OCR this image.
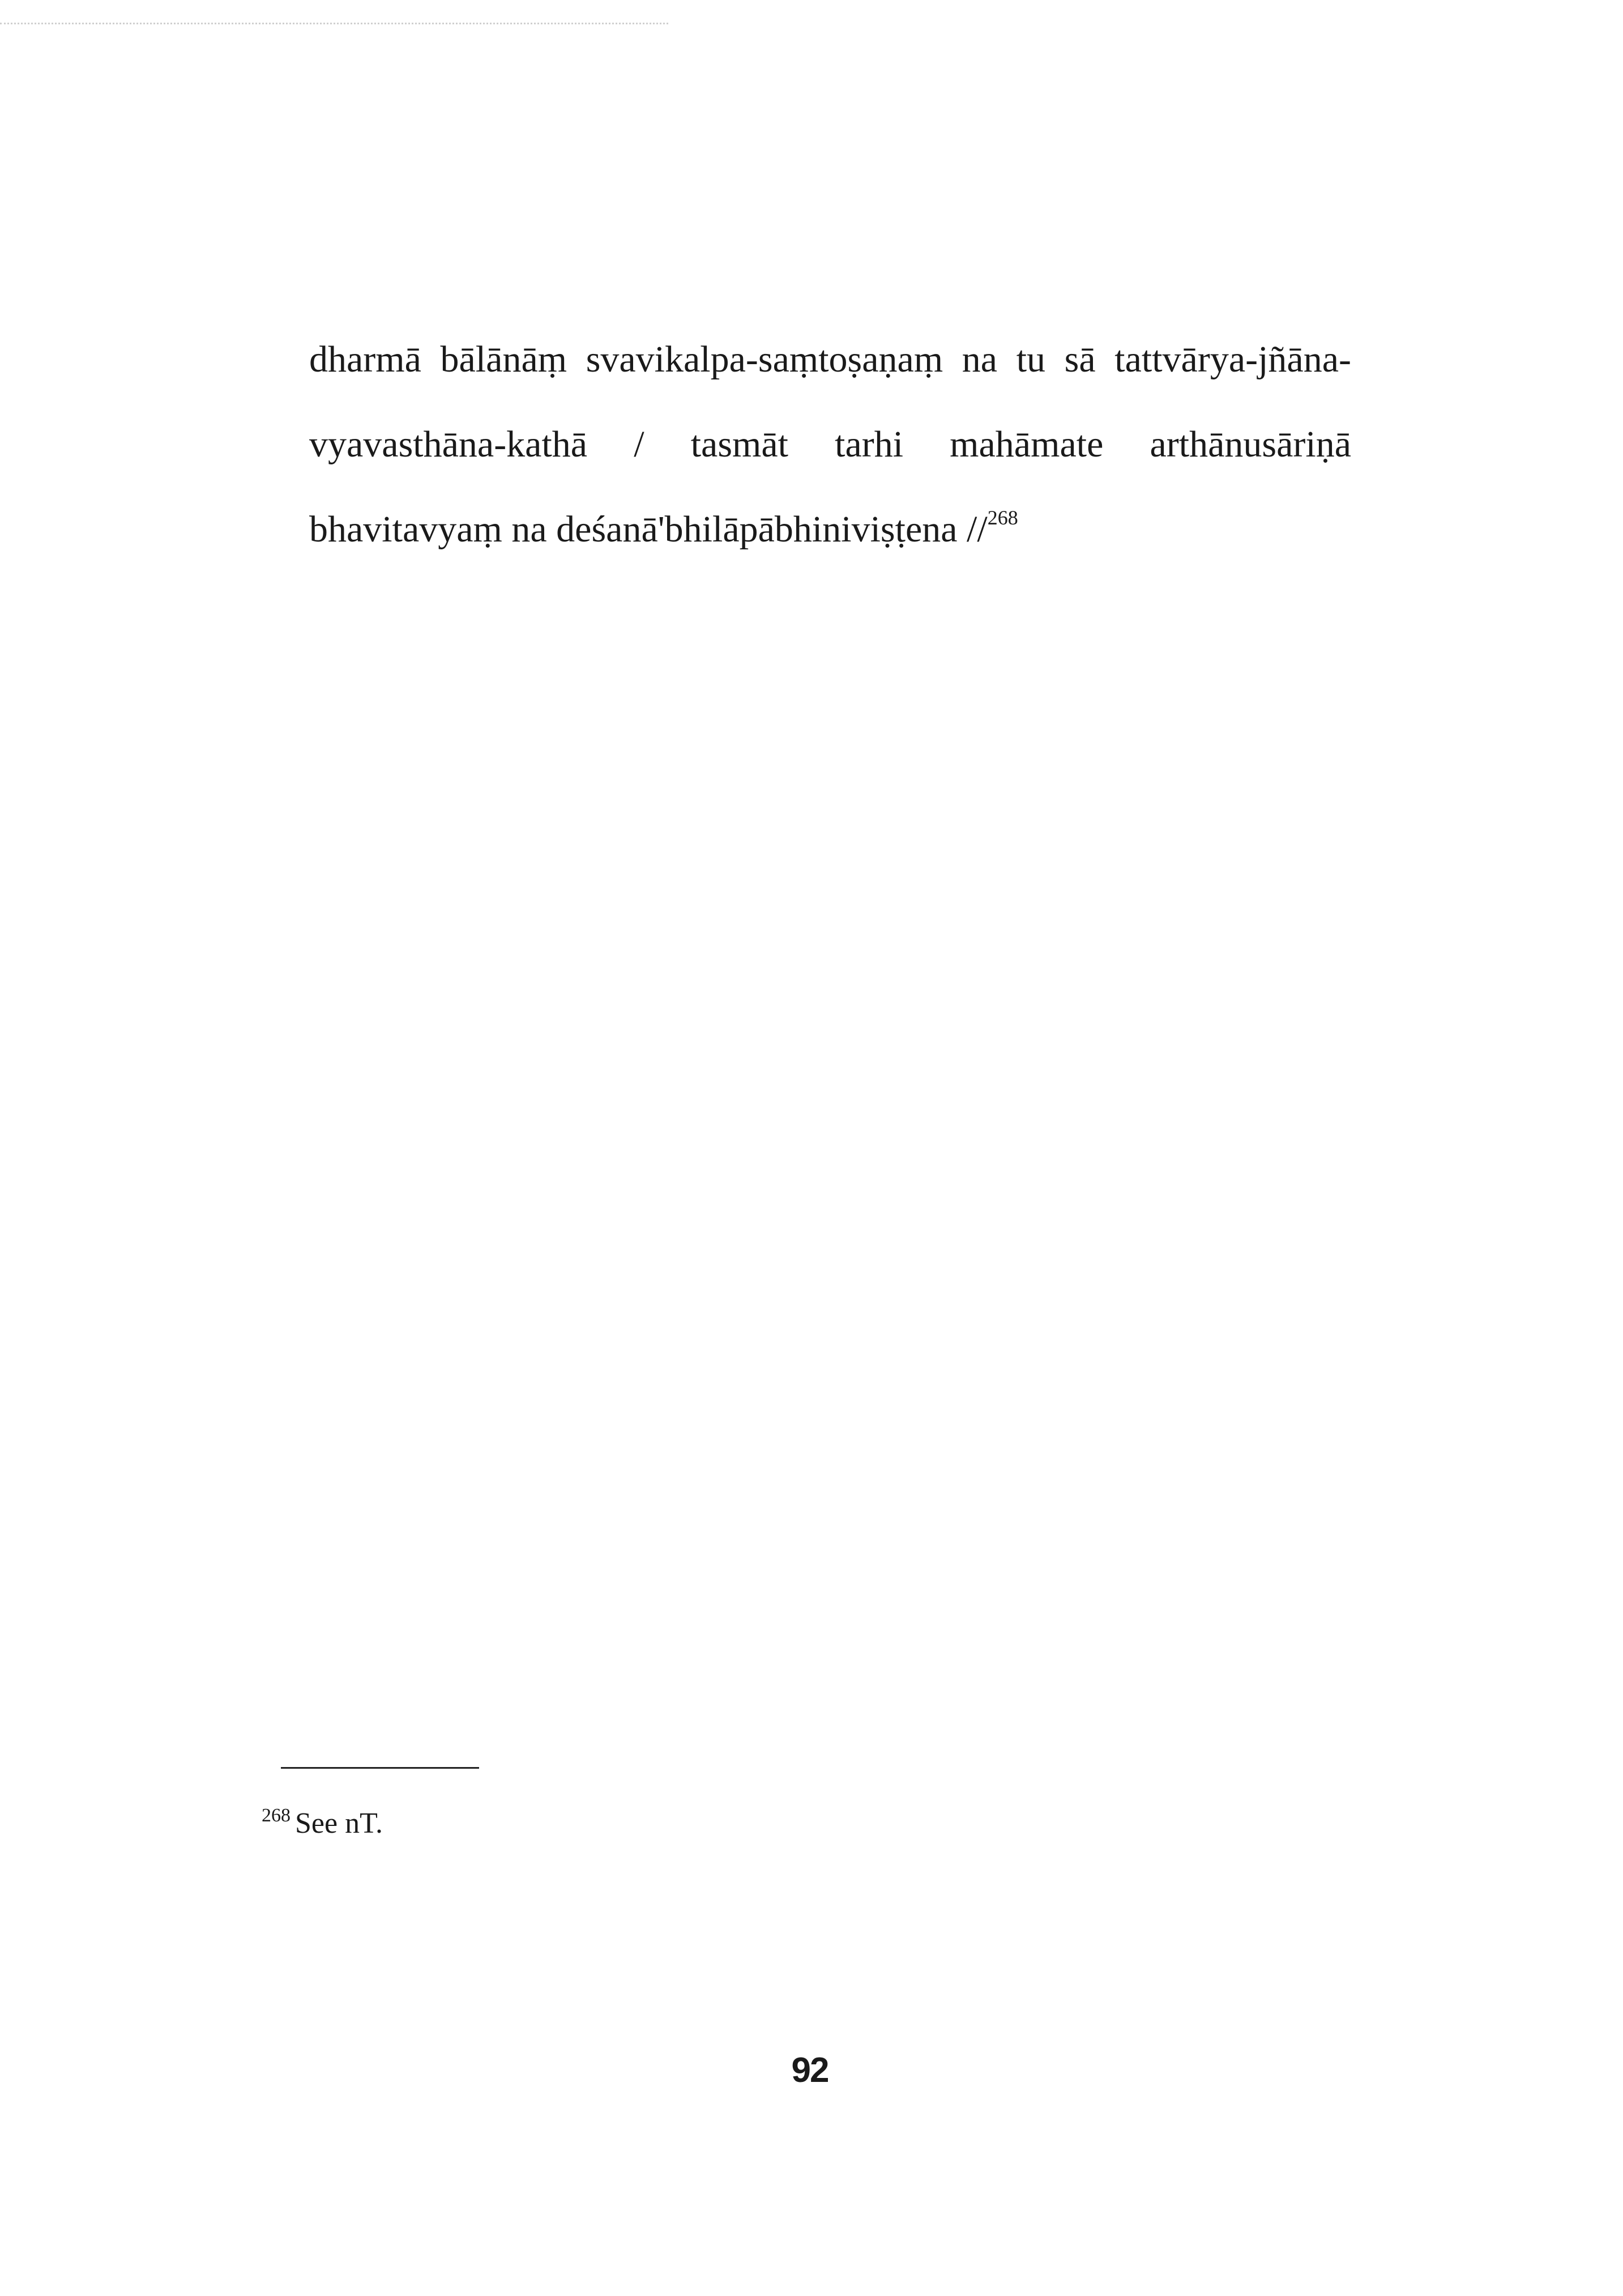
dharmā bālānāṃ svavikalpa-saṃtoṣaṇaṃ na tu sā tattvārya-jñāna-
vyavasthāna-kathā / tasmāt tarhi mahāmate arthānusāriṇā
bhavitavyaṃ na deśanā'bhilāpābhiniviṣṭena //$^{268}$

$^{268}$ See nT.

92
